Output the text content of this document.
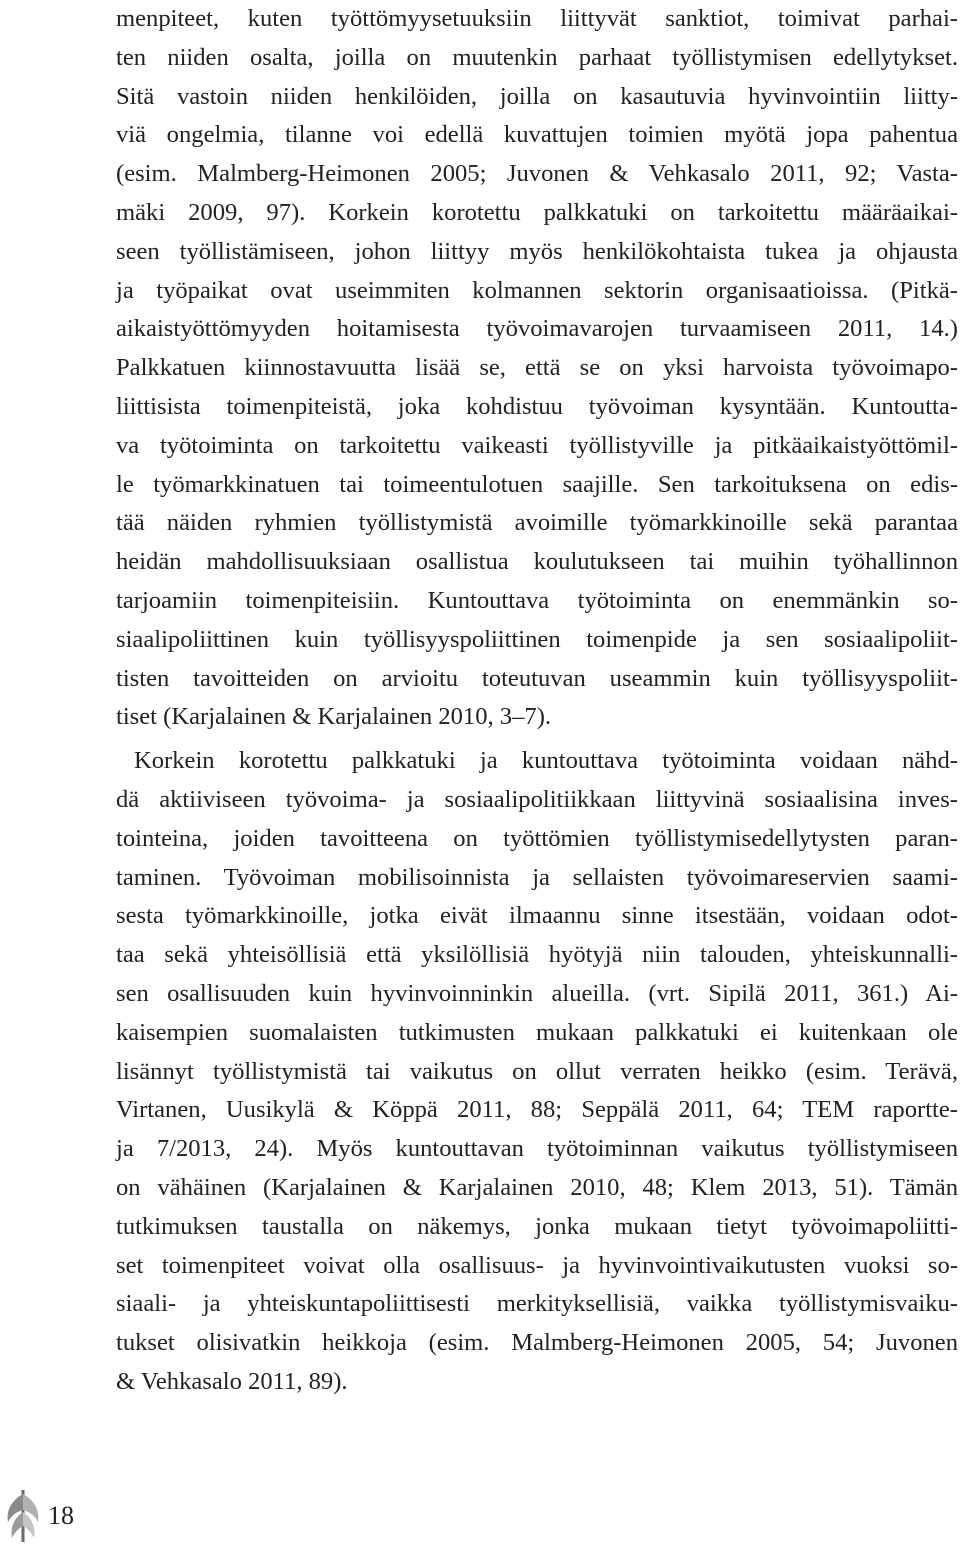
menpiteet, kuten työttömyysetuuksiin liittyvät sanktiot, toimivat parhai-
ten niiden osalta, joilla on muutenkin parhaat työllistymisen edellytykset.
Sitä vastoin niiden henkilöiden, joilla on kasautuvia hyvinvointiin liitty-
viä ongelmia, tilanne voi edellä kuvattujen toimien myötä jopa pahentua
(esim. Malmberg-Heimonen 2005; Juvonen & Vehkasalo 2011, 92; Vasta-
mäki 2009, 97). Korkein korotettu palkkatuki on tarkoitettu määräaikai-
seen työllistämiseen, johon liittyy myös henkilökohtaista tukea ja ohjausta
ja työpaikat ovat useimmiten kolmannen sektorin organisaatioissa. (Pitkä-
aikaistyöttömyyden hoitamisesta työvoimavarojen turvaamiseen 2011, 14.)
Palkkatuen kiinnostavuutta lisää se, että se on yksi harvoista työvoimapo-
liittisista toimenpiteistä, joka kohdistuu työvoiman kysyntään. Kuntoutta-
va työtoiminta on tarkoitettu vaikeasti työllistyville ja pitkäaikaistyöttömil-
le työmarkkinatuen tai toimeentulotuen saajille. Sen tarkoituksena on edis-
tää näiden ryhmien työllistymistä avoimille työmarkkinoille sekä parantaa
heidän mahdollisuuksiaan osallistua koulutukseen tai muihin työhallinnon
tarjoamiin toimenpiteisiin. Kuntouttava työtoiminta on enemmänkin so-
siaalipoliittinen kuin työllisyyspoliittinen toimenpide ja sen sosiaalipoliit-
tisten tavoitteiden on arvioitu toteutuvan useammin kuin työllisyyspoliit-
tiset (Karjalainen & Karjalainen 2010, 3–7).
Korkein korotettu palkkatuki ja kuntouttava työtoiminta voidaan nähd-
dä aktiiviseen työvoima- ja sosiaalipolitiikkaan liittyvinä sosiaalisina inves-
tointeina, joiden tavoitteena on työttömien työllistymisedellytysten paran-
taminen. Työvoiman mobilisoinnista ja sellaisten työvoimareservien saami-
sesta työmarkkinoille, jotka eivät ilmaannu sinne itsestään, voidaan odot-
taa sekä yhteisöllisiä että yksilöllisiä hyötyjä niin talouden, yhteiskunnalli-
sen osallisuuden kuin hyvinvoinninkin alueilla. (vrt. Sipilä 2011, 361.) Ai-
kaisempien suomalaisten tutkimusten mukaan palkkatuki ei kuitenkaan ole
lisännyt työllistymistä tai vaikutus on ollut verraten heikko (esim. Terävä,
Virtanen, Uusikylä & Köppä 2011, 88; Seppälä 2011, 64; TEM raportte-
ja 7/2013, 24). Myös kuntouttavan työtoiminnan vaikutus työllistymiseen
on vähäinen (Karjalainen & Karjalainen 2010, 48; Klem 2013, 51). Tämän
tutkimuksen taustalla on näkemys, jonka mukaan tietyt työvoimapoliitti-
set toimenpiteet voivat olla osallisuus- ja hyvinvointivaikutusten vuoksi so-
siaali- ja yhteiskuntapoliittisesti merkityksellisiä, vaikka työllistymisvaiku-
tukset olisivatkin heikkoja (esim. Malmberg-Heimonen 2005, 54; Juvonen
& Vehkasalo 2011, 89).
18
